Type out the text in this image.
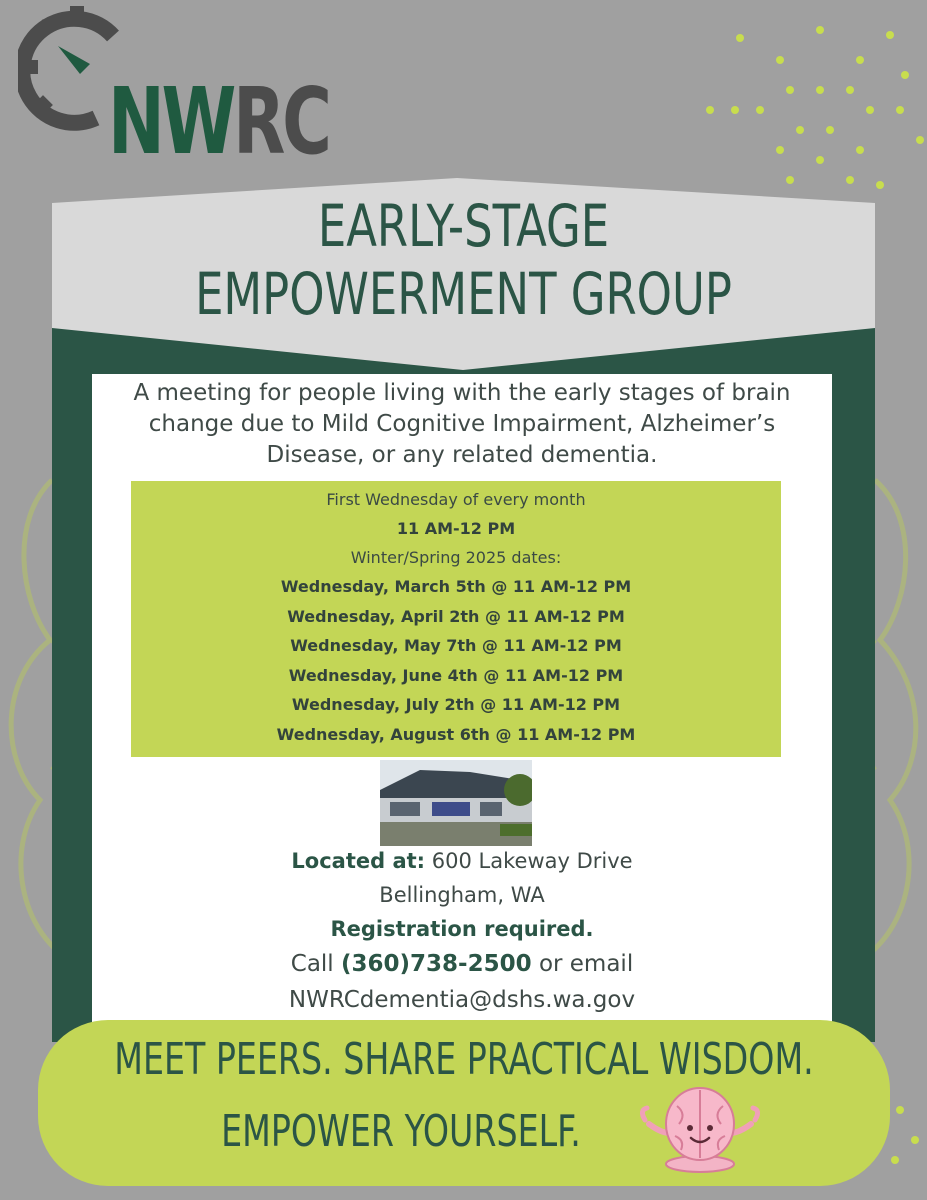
NWRC
EARLY-STAGE
EMPOWERMENT GROUP
A meeting for people living with the early stages of brain
change due to Mild Cognitive Impairment, Alzheimer’s
Disease, or any related dementia.
First Wednesday of every month
11 AM-12 PM
Winter/Spring 2025 dates:
Wednesday, March 5th @ 11 AM-12 PM
Wednesday, April 2th @ 11 AM-12 PM
Wednesday, May 7th @ 11 AM-12 PM
Wednesday, June 4th @ 11 AM-12 PM
Wednesday, July 2th @ 11 AM-12 PM
Wednesday, August 6th @ 11 AM-12 PM
Located at: 600 Lakeway Drive
Bellingham, WA
Registration required.
Call (360)738-2500 or email
NWRCdementia@dshs.wa.gov
MEET PEERS. SHARE PRACTICAL WISDOM.
EMPOWER YOURSELF.
